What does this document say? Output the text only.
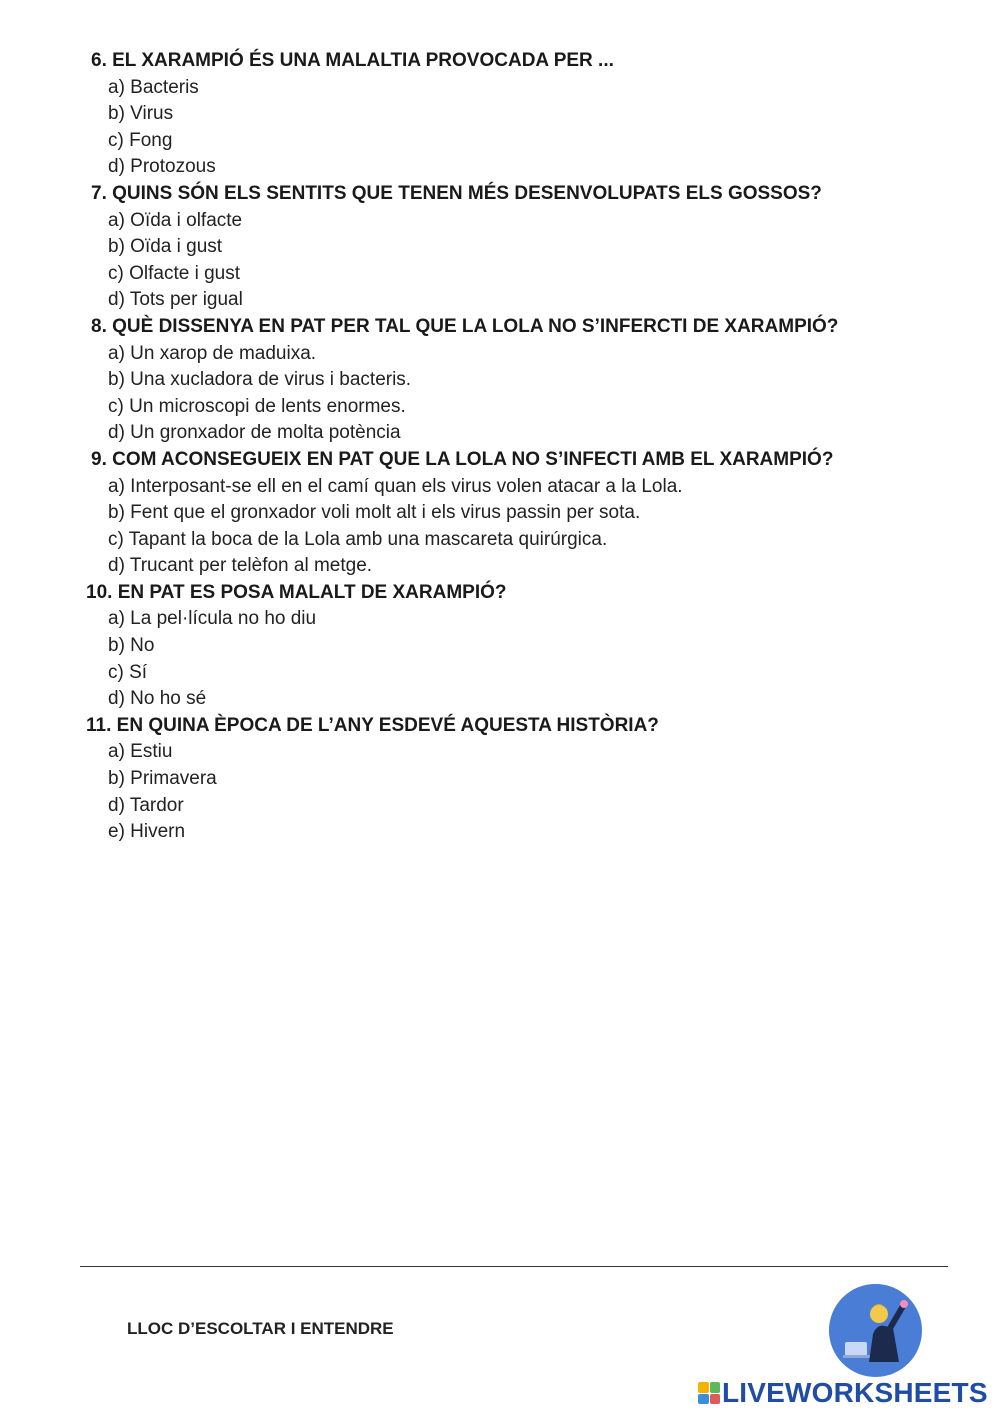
6. EL XARAMPIÓ ÉS UNA MALALTIA PROVOCADA PER ...
a) Bacteris
b) Virus
c) Fong
d) Protozous
7. QUINS SÓN ELS SENTITS QUE TENEN MÉS DESENVOLUPATS ELS GOSSOS?
a) Oïda i olfacte
b) Oïda i gust
c) Olfacte i gust
d) Tots per igual
8. QUÈ DISSENYA EN PAT PER TAL QUE LA LOLA NO S’INFERCTI DE XARAMPIÓ?
a) Un xarop de maduixa.
b) Una xucladora de virus i bacteris.
c) Un microscopi de lents enormes.
d) Un gronxador de molta potència
9. COM ACONSEGUEIX EN PAT QUE LA LOLA NO S’INFECTI AMB EL XARAMPIÓ?
a) Interposant-se ell en el camí quan els virus volen atacar a la Lola.
b) Fent que el gronxador voli molt alt i els virus passin per sota.
c) Tapant la boca de la Lola amb una mascareta quirúrgica.
d) Trucant per telèfon al metge.
10. EN PAT ES POSA MALALT DE XARAMPIÓ?
a) La pel·lícula no ho diu
b) No
c) Sí
d) No ho sé
11. EN QUINA ÈPOCA DE L’ANY ESDEVÉ AQUESTA HISTÒRIA?
a) Estiu
b) Primavera
d) Tardor
e) Hivern
LLOC D’ESCOLTAR I ENTENDRE
LIVEWORKSHEETS
